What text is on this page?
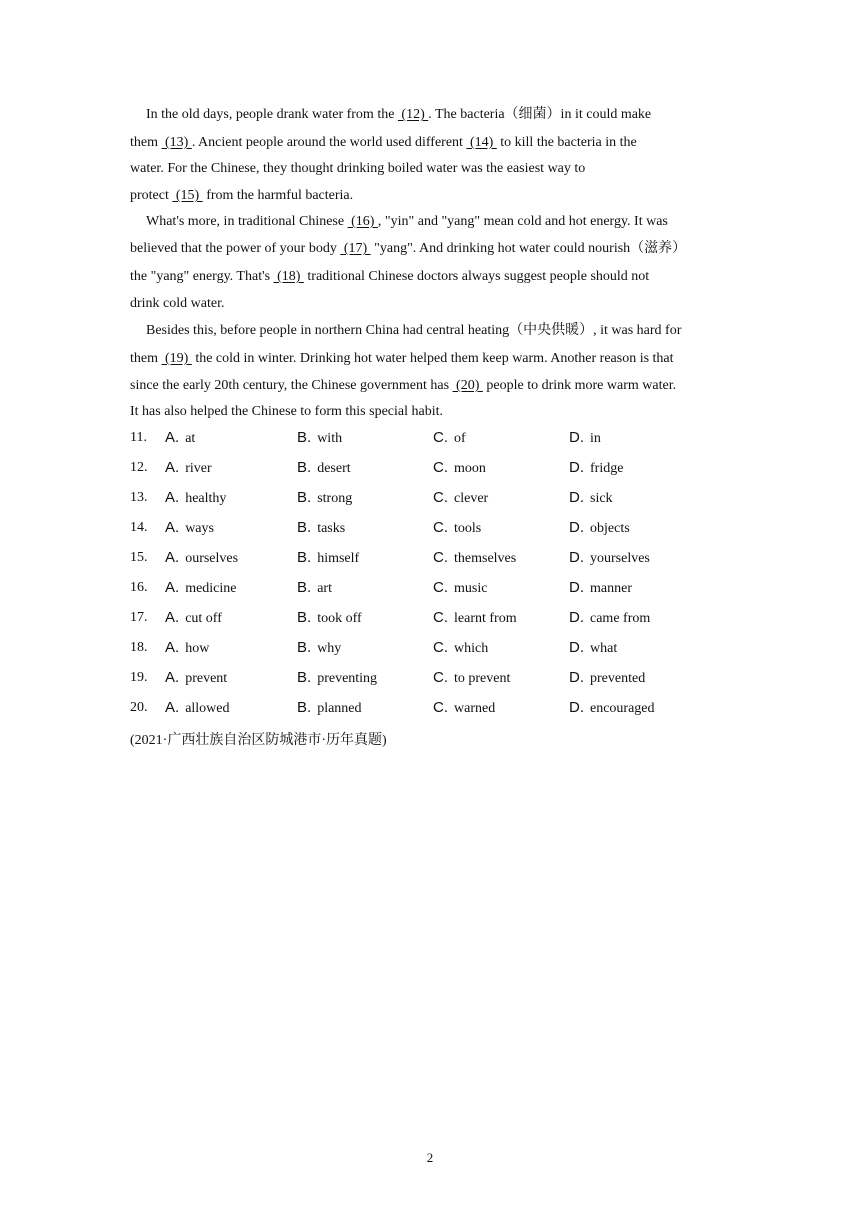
In the old days, people drank water from the  (12) . The bacteria（细菌）in it could make
them  (13) . Ancient people around the world used different  (14)  to kill the bacteria in the
water. For the Chinese, they thought drinking boiled water was the easiest way to
protect  (15)  from the harmful bacteria.
What's more, in traditional Chinese  (16) , "yin" and "yang" mean cold and hot energy. It was
believed that the power of your body  (17)  "yang". And drinking hot water could nourish（滋养）
the "yang" energy. That's  (18)  traditional Chinese doctors always suggest people should not
drink cold water.
Besides this, before people in northern China had central heating（中央供暖）, it was hard for
them  (19)  the cold in winter. Drinking hot water helped them keep warm. Another reason is that
since the early 20th century, the Chinese government has  (20)  people to drink more warm water.
It has also helped the Chinese to form this special habit.
11. A. at	B. with	C. of	D. in
12. A. river	B. desert	C. moon	D. fridge
13. A. healthy	B. strong	C. clever	D. sick
14. A. ways	B. tasks	C. tools	D. objects
15. A. ourselves	B. himself	C. themselves	D. yourselves
16. A. medicine	B. art	C. music	D. manner
17. A. cut off	B. took off	C. learnt from	D. came from
18. A. how	B. why	C. which	D. what
19. A. prevent	B. preventing	C. to prevent	D. prevented
20. A. allowed	B. planned	C. warned	D. encouraged
(2021·广西壮族自治区防城港市·历年真题)
2
